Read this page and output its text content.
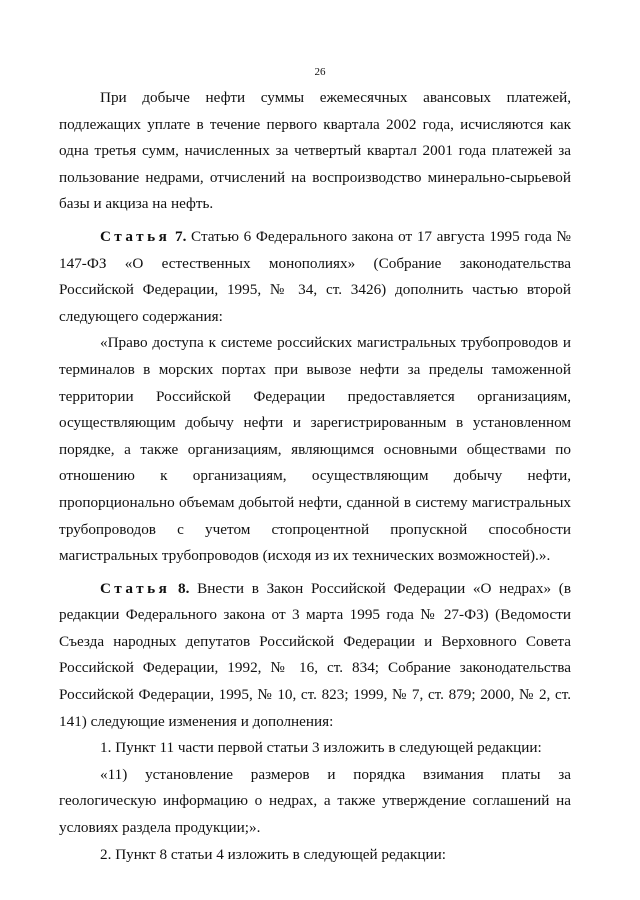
26

При добыче нефти суммы ежемесячных авансовых платежей, подлежащих уплате в течение первого квартала 2002 года, исчисляются как одна третья сумм, начисленных за четвертый квартал 2001 года платежей за пользование недрами, отчислений на воспроизводство минерально-сырьевой базы и акциза на нефть.

Статья 7. Статью 6 Федерального закона от 17 августа 1995 года № 147-ФЗ «О естественных монополиях» (Собрание законодательства Российской Федерации, 1995, № 34, ст. 3426) дополнить частью второй следующего содержания:

«Право доступа к системе российских магистральных трубопроводов и терминалов в морских портах при вывозе нефти за пределы таможенной территории Российской Федерации предоставляется организациям, осуществляющим добычу нефти и зарегистрированным в установленном порядке, а также организациям, являющимся основными обществами по отношению к организациям, осуществляющим добычу нефти, пропорционально объемам добытой нефти, сданной в систему магистральных трубопроводов с учетом стопроцентной пропускной способности магистральных трубопроводов (исходя из их технических возможностей).».

Статья 8. Внести в Закон Российской Федерации «О недрах» (в редакции Федерального закона от 3 марта 1995 года № 27-ФЗ) (Ведомости Съезда народных депутатов Российской Федерации и Верховного Совета Российской Федерации, 1992, № 16, ст. 834; Собрание законодательства Российской Федерации, 1995, № 10, ст. 823; 1999, № 7, ст. 879; 2000, № 2, ст. 141) следующие изменения и дополнения:

1. Пункт 11 части первой статьи 3 изложить в следующей редакции:

«11) установление размеров и порядка взимания платы за геологическую информацию о недрах, а также утверждение соглашений на условиях раздела продукции;».

2. Пункт 8 статьи 4 изложить в следующей редакции:
